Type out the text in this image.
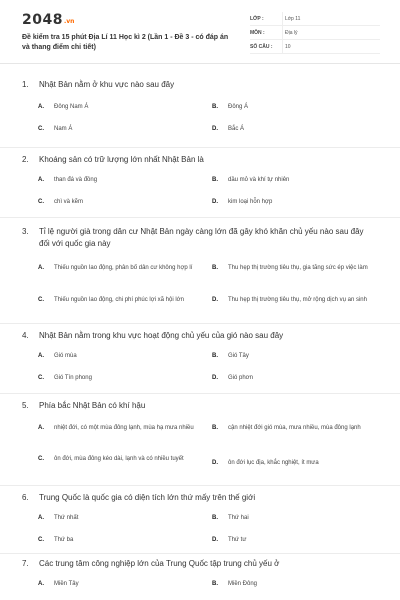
2048.vn
Đề kiểm tra 15 phút Địa Lí 11 Học kì 2 (Lần 1 - Đề 3 - có đáp án và thang điểm chi tiết)
LỚP :	Lớp 11
MÔN :	Địa lý
SỐ CÂU :	10
1.	Nhật Bản nằm ở khu vực nào sau đây
A.	Đông Nam Á	B.	Đông Á
C.	Nam Á	D.	Bắc Á
2.	Khoáng sản có trữ lượng lớn nhất Nhật Bản là
A.	than đá và đồng	B.	dầu mỏ và khí tự nhiên
C.	chì và kẽm	D.	kim loại hỗn hợp
3.	Tỉ lệ người già trong dân cư Nhật Bản ngày càng lớn đã gây khó khăn chủ yếu nào sau đây đối với quốc gia này
A.	Thiếu nguồn lao động, phân bố dân cư không hợp lí	B.	Thu hẹp thị trường tiêu thụ, gia tăng sức ép việc làm
C.	Thiếu nguồn lao động, chi phí phúc lợi xã hội lớn	D.	Thu hẹp thị trường tiêu thụ, mở rộng dịch vụ an sinh
4.	Nhật Bản nằm trong khu vực hoạt động chủ yếu của gió nào sau đây
A.	Gió mùa	B.	Gió Tây
C.	Gió Tín phong	D.	Gió phơn
5.	Phía bắc Nhật Bản có khí hậu
A.	nhiệt đới, có một mùa đông lạnh, mùa hạ mưa nhiều	B.	cận nhiệt đới gió mùa, mưa nhiều, mùa đông lạnh
C.	ôn đới, mùa đông kéo dài, lạnh và có nhiều tuyết
D.	ôn đới lục địa, khắc nghiệt, ít mưa
6.	Trung Quốc là quốc gia có diện tích lớn thứ mấy trên thế giới
A.	Thứ nhất	B.	Thứ hai
C.	Thứ ba	D.	Thứ tư
7.	Các trung tâm công nghiệp lớn của Trung Quốc tập trung chủ yếu ở
A.	Miền Tây	B.	Miền Đông
